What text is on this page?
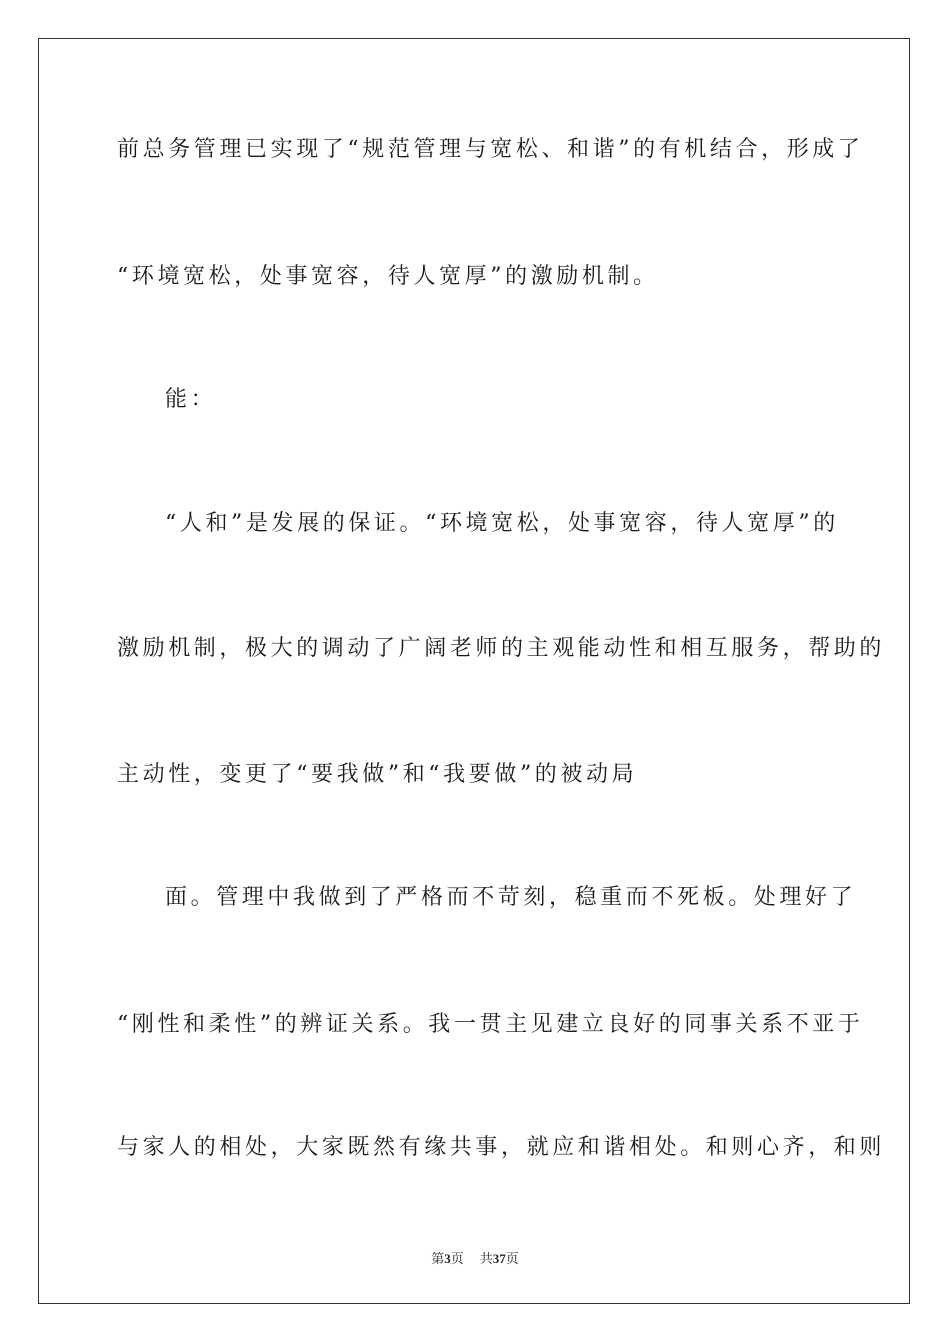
前总务管理已实现了“规范管理与宽松、和谐”的有机结合，形成了
“环境宽松，处事宽容，待人宽厚”的激励机制。
能：
“人和”是发展的保证。“环境宽松，处事宽容，待人宽厚”的
激励机制，极大的调动了广阔老师的主观能动性和相互服务，帮助的
主动性，变更了“要我做”和“我要做”的被动局
面。管理中我做到了严格而不苛刻，稳重而不死板。处理好了
“刚性和柔性”的辨证关系。我一贯主见建立良好的同事关系不亚于
与家人的相处，大家既然有缘共事，就应和谐相处。和则心齐，和则
第3页 共37页
